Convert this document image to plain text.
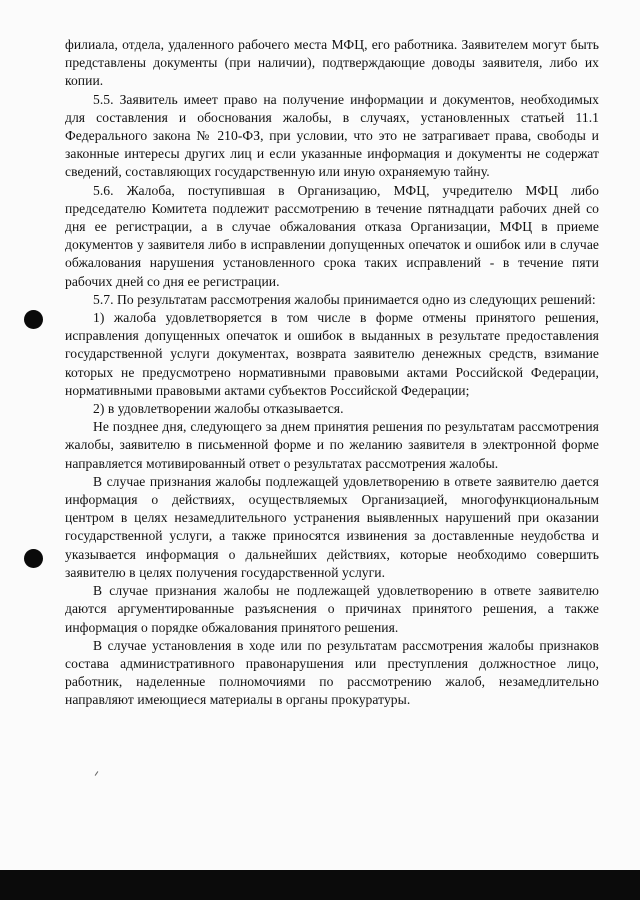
филиала, отдела, удаленного рабочего места МФЦ, его работника. Заявителем могут быть представлены документы (при наличии), подтверждающие доводы заявителя, либо их копии.

5.5. Заявитель имеет право на получение информации и документов, необходимых для составления и обоснования жалобы, в случаях, установленных статьей 11.1 Федерального закона № 210-ФЗ, при условии, что это не затрагивает права, свободы и законные интересы других лиц и если указанные информация и документы не содержат сведений, составляющих государственную или иную охраняемую тайну.

5.6. Жалоба, поступившая в Организацию, МФЦ, учредителю МФЦ либо председателю Комитета подлежит рассмотрению в течение пятнадцати рабочих дней со дня ее регистрации, а в случае обжалования отказа Организации, МФЦ в приеме документов у заявителя либо в исправлении допущенных опечаток и ошибок или в случае обжалования нарушения установленного срока таких исправлений - в течение пяти рабочих дней со дня ее регистрации.

5.7. По результатам рассмотрения жалобы принимается одно из следующих решений:

1) жалоба удовлетворяется в том числе в форме отмены принятого решения, исправления допущенных опечаток и ошибок в выданных в результате предоставления государственной услуги документах, возврата заявителю денежных средств, взимание которых не предусмотрено нормативными правовыми актами Российской Федерации, нормативными правовыми актами субъектов Российской Федерации;

2) в удовлетворении жалобы отказывается.

Не позднее дня, следующего за днем принятия решения по результатам рассмотрения жалобы, заявителю в письменной форме и по желанию заявителя в электронной форме направляется мотивированный ответ о результатах рассмотрения жалобы.

В случае признания жалобы подлежащей удовлетворению в ответе заявителю дается информация о действиях, осуществляемых Организацией, многофункциональным центром в целях незамедлительного устранения выявленных нарушений при оказании государственной услуги, а также приносятся извинения за доставленные неудобства и указывается информация о дальнейших действиях, которые необходимо совершить заявителю в целях получения государственной услуги.

В случае признания жалобы не подлежащей удовлетворению в ответе заявителю даются аргументированные разъяснения о причинах принятого решения, а также информация о порядке обжалования принятого решения.

В случае установления в ходе или по результатам рассмотрения жалобы признаков состава административного правонарушения или преступления должностное лицо, работник, наделенные полномочиями по рассмотрению жалоб, незамедлительно направляют имеющиеся материалы в органы прокуратуры.
